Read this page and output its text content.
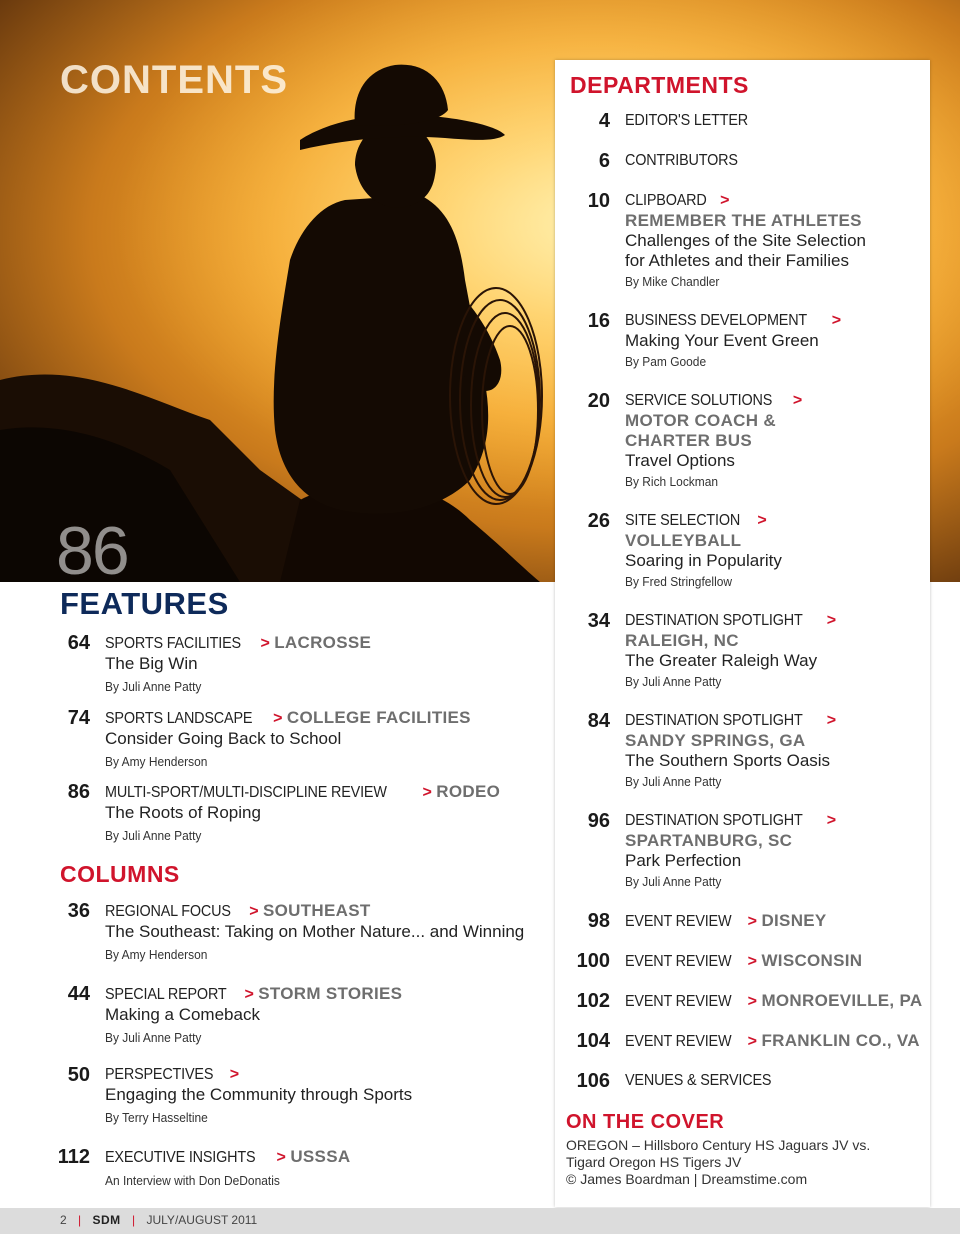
CONTENTS
86
FEATURES
64 SPORTS FACILITIES > LACROSSE
The Big Win
By Juli Anne Patty
74 SPORTS LANDSCAPE > COLLEGE FACILITIES
Consider Going Back to School
By Amy Henderson
86 MULTI-SPORT/MULTI-DISCIPLINE REVIEW > RODEO
The Roots of Roping
By Juli Anne Patty
COLUMNS
36 REGIONAL FOCUS > SOUTHEAST
The Southeast: Taking on Mother Nature... and Winning
By Amy Henderson
44 SPECIAL REPORT > STORM STORIES
Making a Comeback
By Juli Anne Patty
50 PERSPECTIVES >
Engaging the Community through Sports
By Terry Hasseltine
112 EXECUTIVE INSIGHTS > USSSA
An Interview with Don DeDonatis
DEPARTMENTS
4 EDITOR'S LETTER
6 CONTRIBUTORS
10 CLIPBOARD >
REMEMBER THE ATHLETES
Challenges of the Site Selection
for Athletes and their Families
By Mike Chandler
16 BUSINESS DEVELOPMENT >
Making Your Event Green
By Pam Goode
20 SERVICE SOLUTIONS >
MOTOR COACH &
CHARTER BUS
Travel Options
By Rich Lockman
26 SITE SELECTION >
VOLLEYBALL
Soaring in Popularity
By Fred Stringfellow
34 DESTINATION SPOTLIGHT >
RALEIGH, NC
The Greater Raleigh Way
By Juli Anne Patty
84 DESTINATION SPOTLIGHT >
SANDY SPRINGS, GA
The Southern Sports Oasis
By Juli Anne Patty
96 DESTINATION SPOTLIGHT >
SPARTANBURG, SC
Park Perfection
By Juli Anne Patty
98 EVENT REVIEW > DISNEY
100 EVENT REVIEW > WISCONSIN
102 EVENT REVIEW > MONROEVILLE, PA
104 EVENT REVIEW > FRANKLIN CO., VA
106 VENUES & SERVICES
ON THE COVER
OREGON – Hillsboro Century HS Jaguars JV vs.
Tigard Oregon HS Tigers JV
© James Boardman | Dreamstime.com
2 | SDM | JULY/AUGUST 2011
